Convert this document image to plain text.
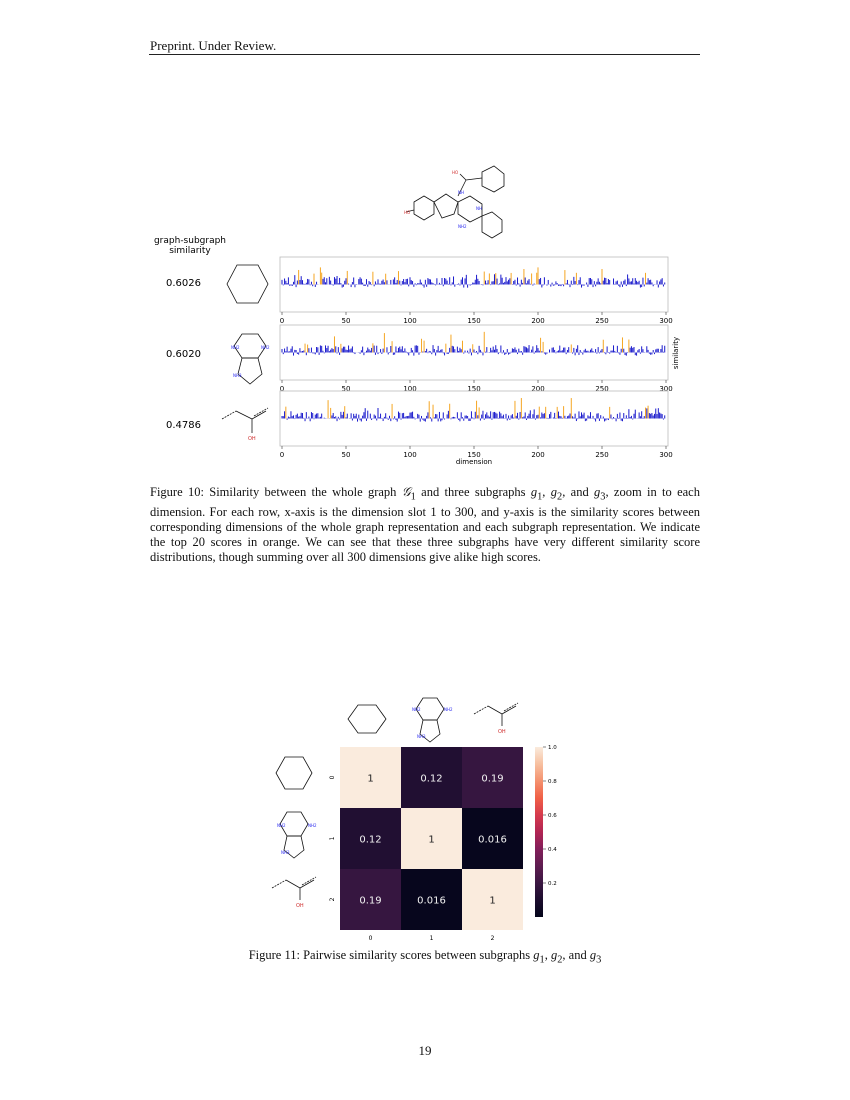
Preprint. Under Review.
HO
NH
NH
NH2
HO
graph-subgraph
similarity
0.6026
0.6020
0.4786
NH2	NH2
NH3
OH
0	50	100	150	200	250	300
0	50	100	150	200	250	300
0	50	100	150	200	250	300
dimension
similarity
Figure 10: Similarity between the whole graph 𝒢$_1$ and three subgraphs $g_1$, $g_2$, and $g_3$, zoom in to each dimension. For each row, x-axis is the dimension slot 1 to 300, and y-axis is the similarity scores between corresponding dimensions of the whole graph representation and each subgraph representation. We indicate the top 20 scores in orange. We can see that these three subgraphs have very different similarity score distributions, though summing over all 300 dimensions give alike high scores.
NH2	NH2
NH3
OH
NH2	NH2
NH3
OH
1	0.12	0.19
0.12	1	0.016
0.19	0.016	1
0
1
2
0	1	2
0.2
0.4
0.6
0.8
1.0
Figure 11: Pairwise similarity scores between subgraphs $g_1$, $g_2$, and $g_3$
19
